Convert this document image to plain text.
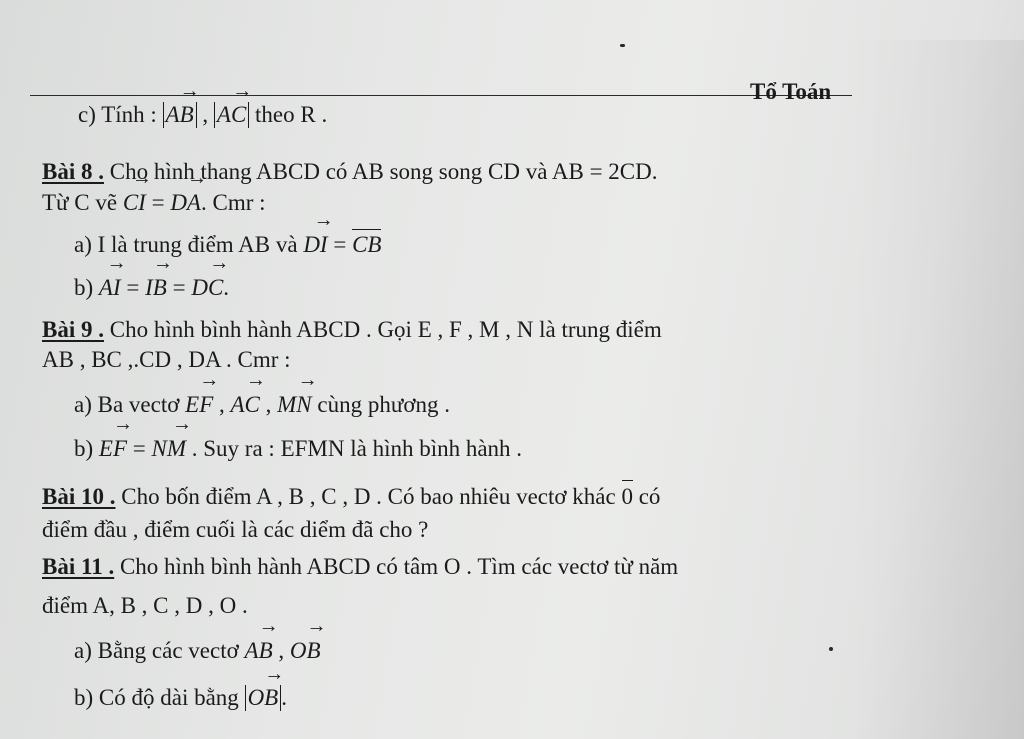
Tổ Toán
c) Tính : AB → , AC → theo R .
Bài 8 . Cho hình thang ABCD có AB song song CD và AB = 2CD.
Từ C vẽ CI → = DA →. Cmr :
a) I là trung điểm AB và DI → = CB
b) AI → = IB → = DC →.
Bài 9 . Cho hình bình hành ABCD . Gọi E , F , M , N là trung điểm
AB , BC ,.CD , DA . Cmr :
a) Ba vectơ EF → , AC → , MN → cùng phương .
b) EF → = NM → . Suy ra : EFMN là hình bình hành .
Bài 10 . Cho bốn điểm A , B , C , D . Có bao nhiêu vectơ khác 0 có
điểm đầu , điểm cuối là các diểm đã cho ?
Bài 11 . Cho hình bình hành ABCD có tâm O . Tìm các vectơ từ năm
điểm A, B , C , D , O .
a) Bằng các vectơ AB → , OB →
b) Có độ dài bằng OB → .
